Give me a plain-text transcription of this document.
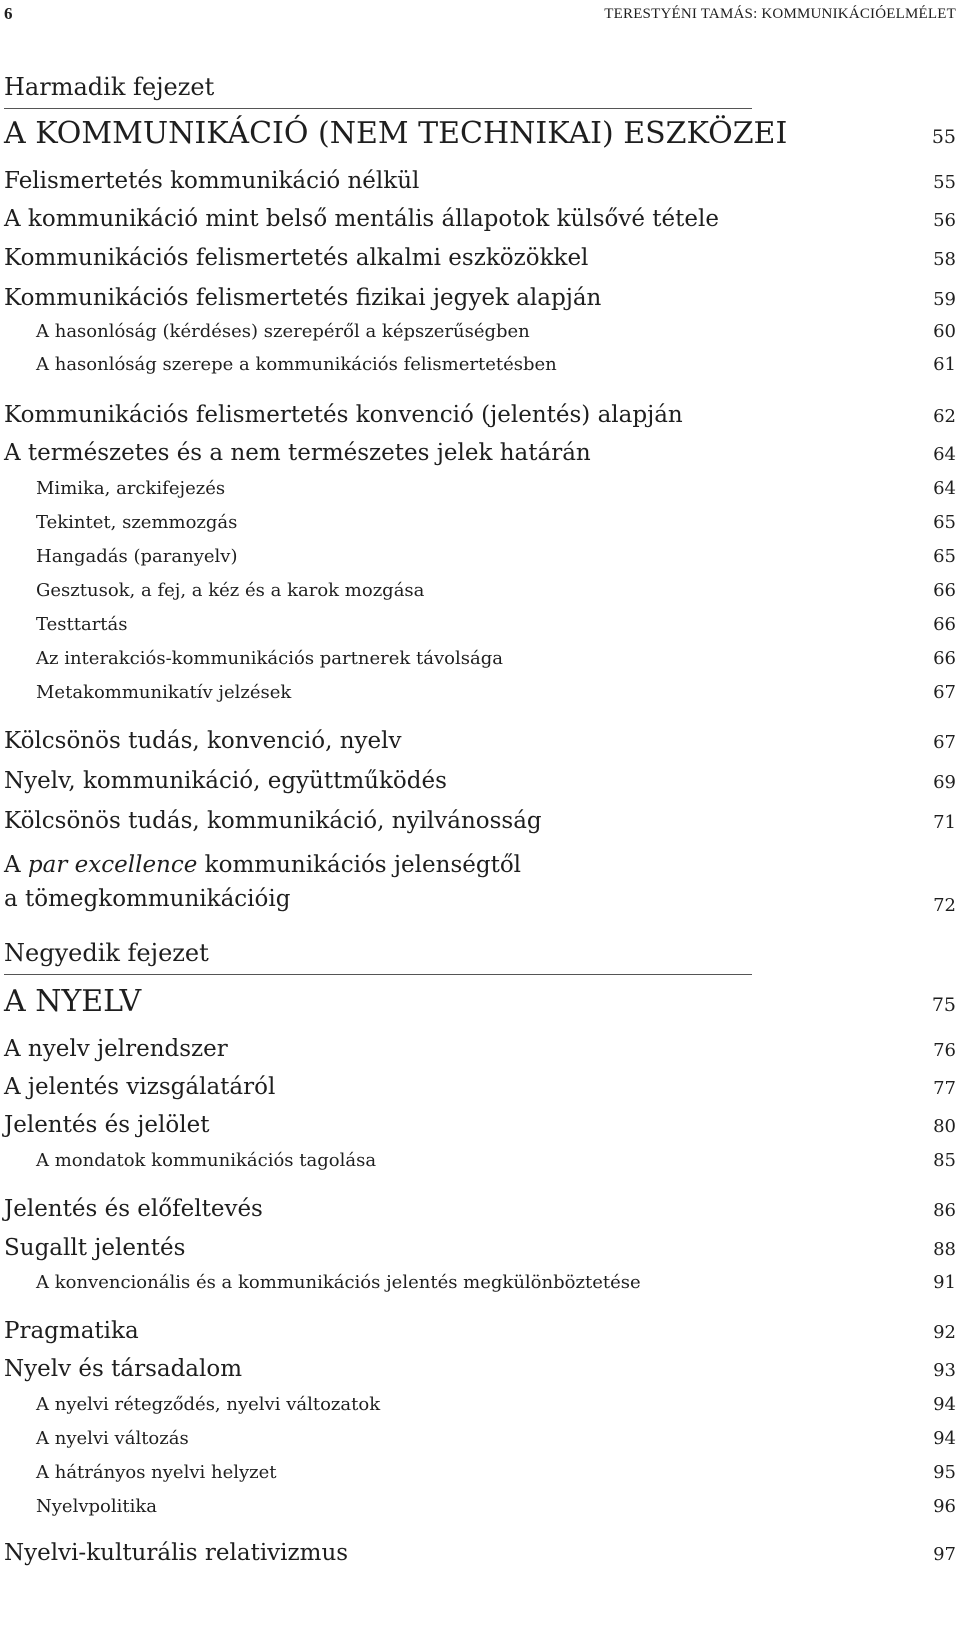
6	TERESTYÉNI TAMÁS: KOMMUNIKÁCIÓELMÉLET
Harmadik fejezet
A KOMMUNIKÁCIÓ (NEM TECHNIKAI) ESZKÖZEI	55
Felismertetés kommunikáció nélkül	55
A kommunikáció mint belső mentális állapotok külsővé tétele	56
Kommunikációs felismertetés alkalmi eszközökkel	58
Kommunikációs felismertetés fizikai jegyek alapján	59
A hasonlóság (kérdéses) szerepéről a képszerűségben	60
A hasonlóság szerepe a kommunikációs felismertetésben	61
Kommunikációs felismertetés konvenció (jelentés) alapján	62
A természetes és a nem természetes jelek határán	64
Mimika, arckifejezés	64
Tekintet, szemmozgás	65
Hangadás (paranyelv)	65
Gesztusok, a fej, a kéz és a karok mozgása	66
Testtartás	66
Az interakciós-kommunikációs partnerek távolsága	66
Metakommunikatív jelzések	67
Kölcsönös tudás, konvenció, nyelv	67
Nyelv, kommunikáció, együttműködés	69
Kölcsönös tudás, kommunikáció, nyilvánosság	71
A par excellence kommunikációs jelenségtől
a tömegkommunikációig	72
Negyedik fejezet
A NYELV	75
A nyelv jelrendszer	76
A jelentés vizsgálatáról	77
Jelentés és jelölet	80
A mondatok kommunikációs tagolása	85
Jelentés és előfeltevés	86
Sugallt jelentés	88
A konvencionális és a kommunikációs jelentés megkülönböztetése	91
Pragmatika	92
Nyelv és társadalom	93
A nyelvi rétegződés, nyelvi változatok	94
A nyelvi változás	94
A hátrányos nyelvi helyzet	95
Nyelvpolitika	96
Nyelvi-kulturális relativizmus	97
